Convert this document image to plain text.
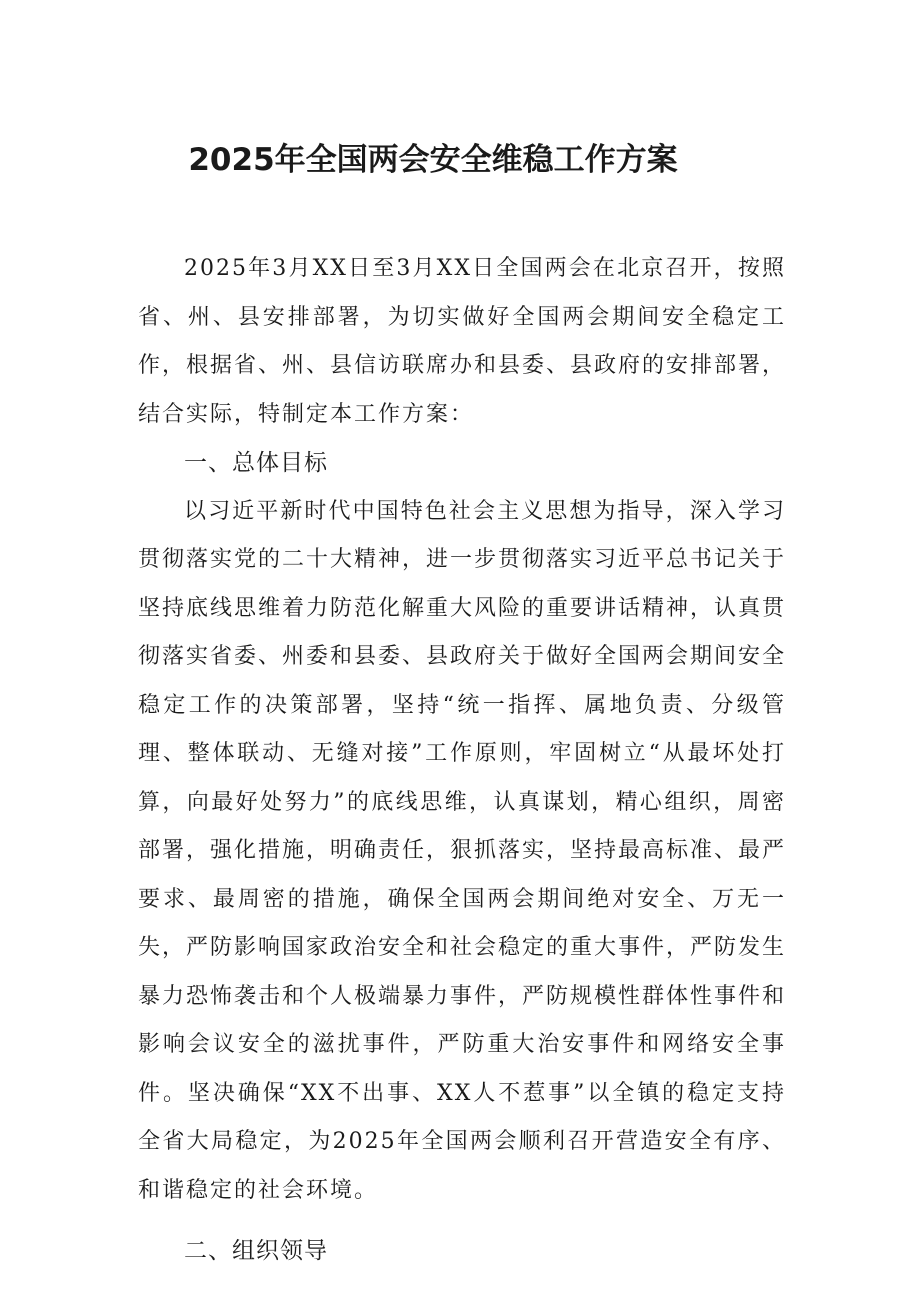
2025年全国两会安全维稳工作方案

2025年3月XX日至3月XX日全国两会在北京召开，按照省、州、县安排部署，为切实做好全国两会期间安全稳定工作，根据省、州、县信访联席办和县委、县政府的安排部署，结合实际，特制定本工作方案：

一、总体目标

以习近平新时代中国特色社会主义思想为指导，深入学习贯彻落实党的二十大精神，进一步贯彻落实习近平总书记关于坚持底线思维着力防范化解重大风险的重要讲话精神，认真贯彻落实省委、州委和县委、县政府关于做好全国两会期间安全稳定工作的决策部署，坚持“统一指挥、属地负责、分级管理、整体联动、无缝对接”工作原则，牢固树立“从最坏处打算，向最好处努力”的底线思维，认真谋划，精心组织，周密部署，强化措施，明确责任，狠抓落实，坚持最高标准、最严要求、最周密的措施，确保全国两会期间绝对安全、万无一失，严防影响国家政治安全和社会稳定的重大事件，严防发生暴力恐怖袭击和个人极端暴力事件，严防规模性群体性事件和影响会议安全的滋扰事件，严防重大治安事件和网络安全事件。坚决确保“XX不出事、XX人不惹事”以全镇的稳定支持全省大局稳定，为2025年全国两会顺利召开营造安全有序、和谐稳定的社会环境。

二、组织领导
